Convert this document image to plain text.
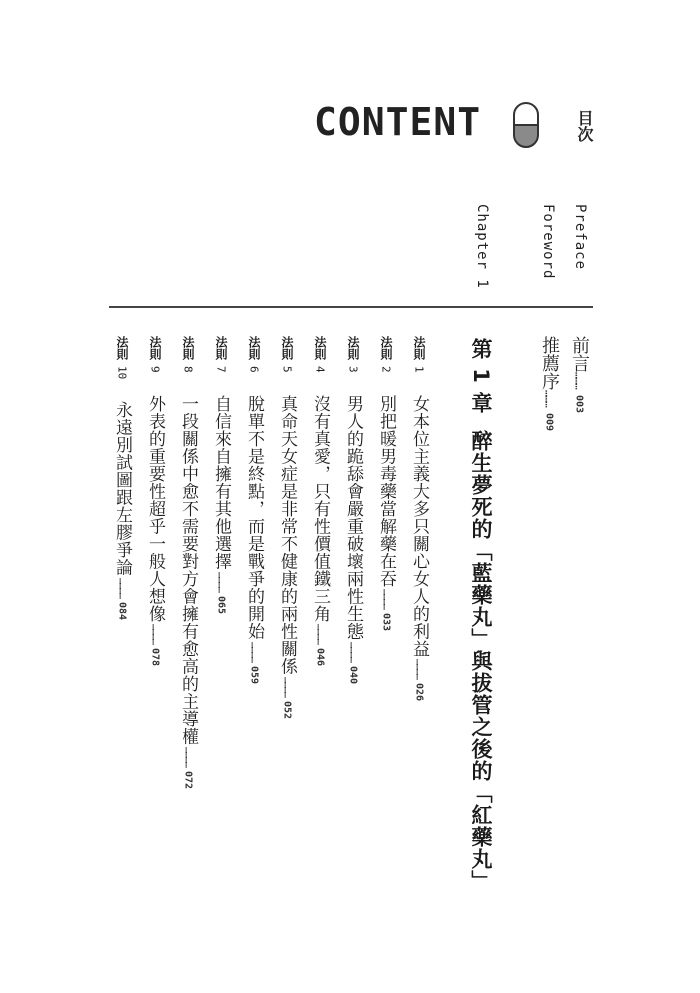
CONTENT	目次
Preface
Foreword
Chapter 1
前言
………
003
推薦序
………
009
第 1 章醉生夢死的「藍藥丸」與拔管之後的「紅藥丸」
法則
1
女本位主義大多只關心女人的利益
…………
026
法則
2
別把暖男毒藥當解藥在吞
…………
033
法則
3
男人的跪舔會嚴重破壞兩性生態
…………
040
法則
4
沒有真愛，只有性價值鐵三角
…………
046
法則
5
真命天女症是非常不健康的兩性關係
…………
052
法則
6
脫單不是終點，而是戰爭的開始
…………
059
法則
7
自信來自擁有其他選擇
…………
065
法則
8
一段關係中愈不需要對方會擁有愈高的主導權
…………
072
法則
9
外表的重要性超乎一般人想像
…………
078
法則
10
永遠別試圖跟左膠爭論
…………
084
